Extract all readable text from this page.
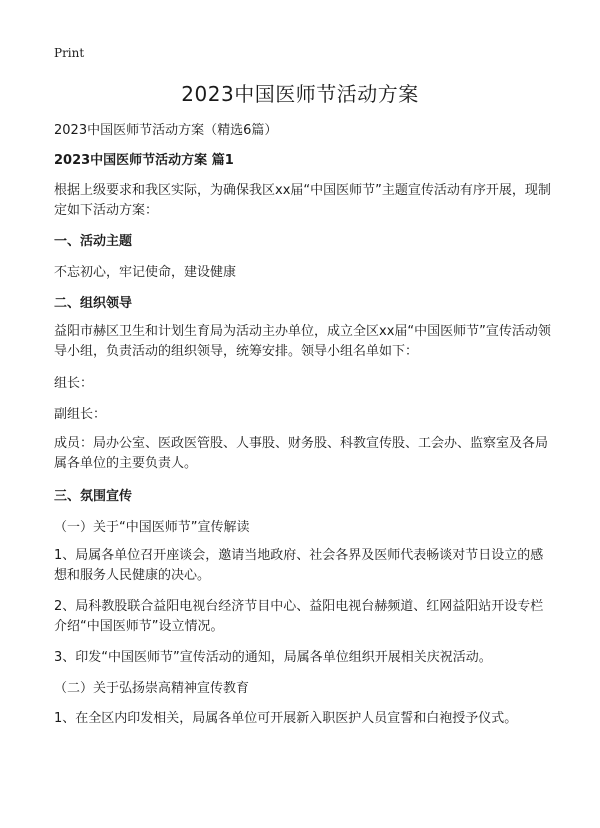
Print
2023中国医师节活动方案
2023中国医师节活动方案（精选6篇）
2023中国医师节活动方案 篇1
根据上级要求和我区实际，为确保我区xx届“中国医师节”主题宣传活动有序开展，现制定如下活动方案：
一、活动主题
不忘初心，牢记使命，建设健康
二、组织领导
益阳市赫区卫生和计划生育局为活动主办单位，成立全区xx届“中国医师节”宣传活动领导小组，负责活动的组织领导，统筹安排。领导小组名单如下：
组长：
副组长：
成员：局办公室、医政医管股、人事股、财务股、科教宣传股、工会办、监察室及各局属各单位的主要负责人。
三、氛围宣传
（一）关于“中国医师节”宣传解读
1、局属各单位召开座谈会，邀请当地政府、社会各界及医师代表畅谈对节日设立的感想和服务人民健康的决心。
2、局科教股联合益阳电视台经济节目中心、益阳电视台赫频道、红网益阳站开设专栏介绍“中国医师节”设立情况。
3、印发“中国医师节”宣传活动的通知，局属各单位组织开展相关庆祝活动。
（二）关于弘扬崇高精神宣传教育
1、在全区内印发相关，局属各单位可开展新入职医护人员宣誓和白袍授予仪式。
